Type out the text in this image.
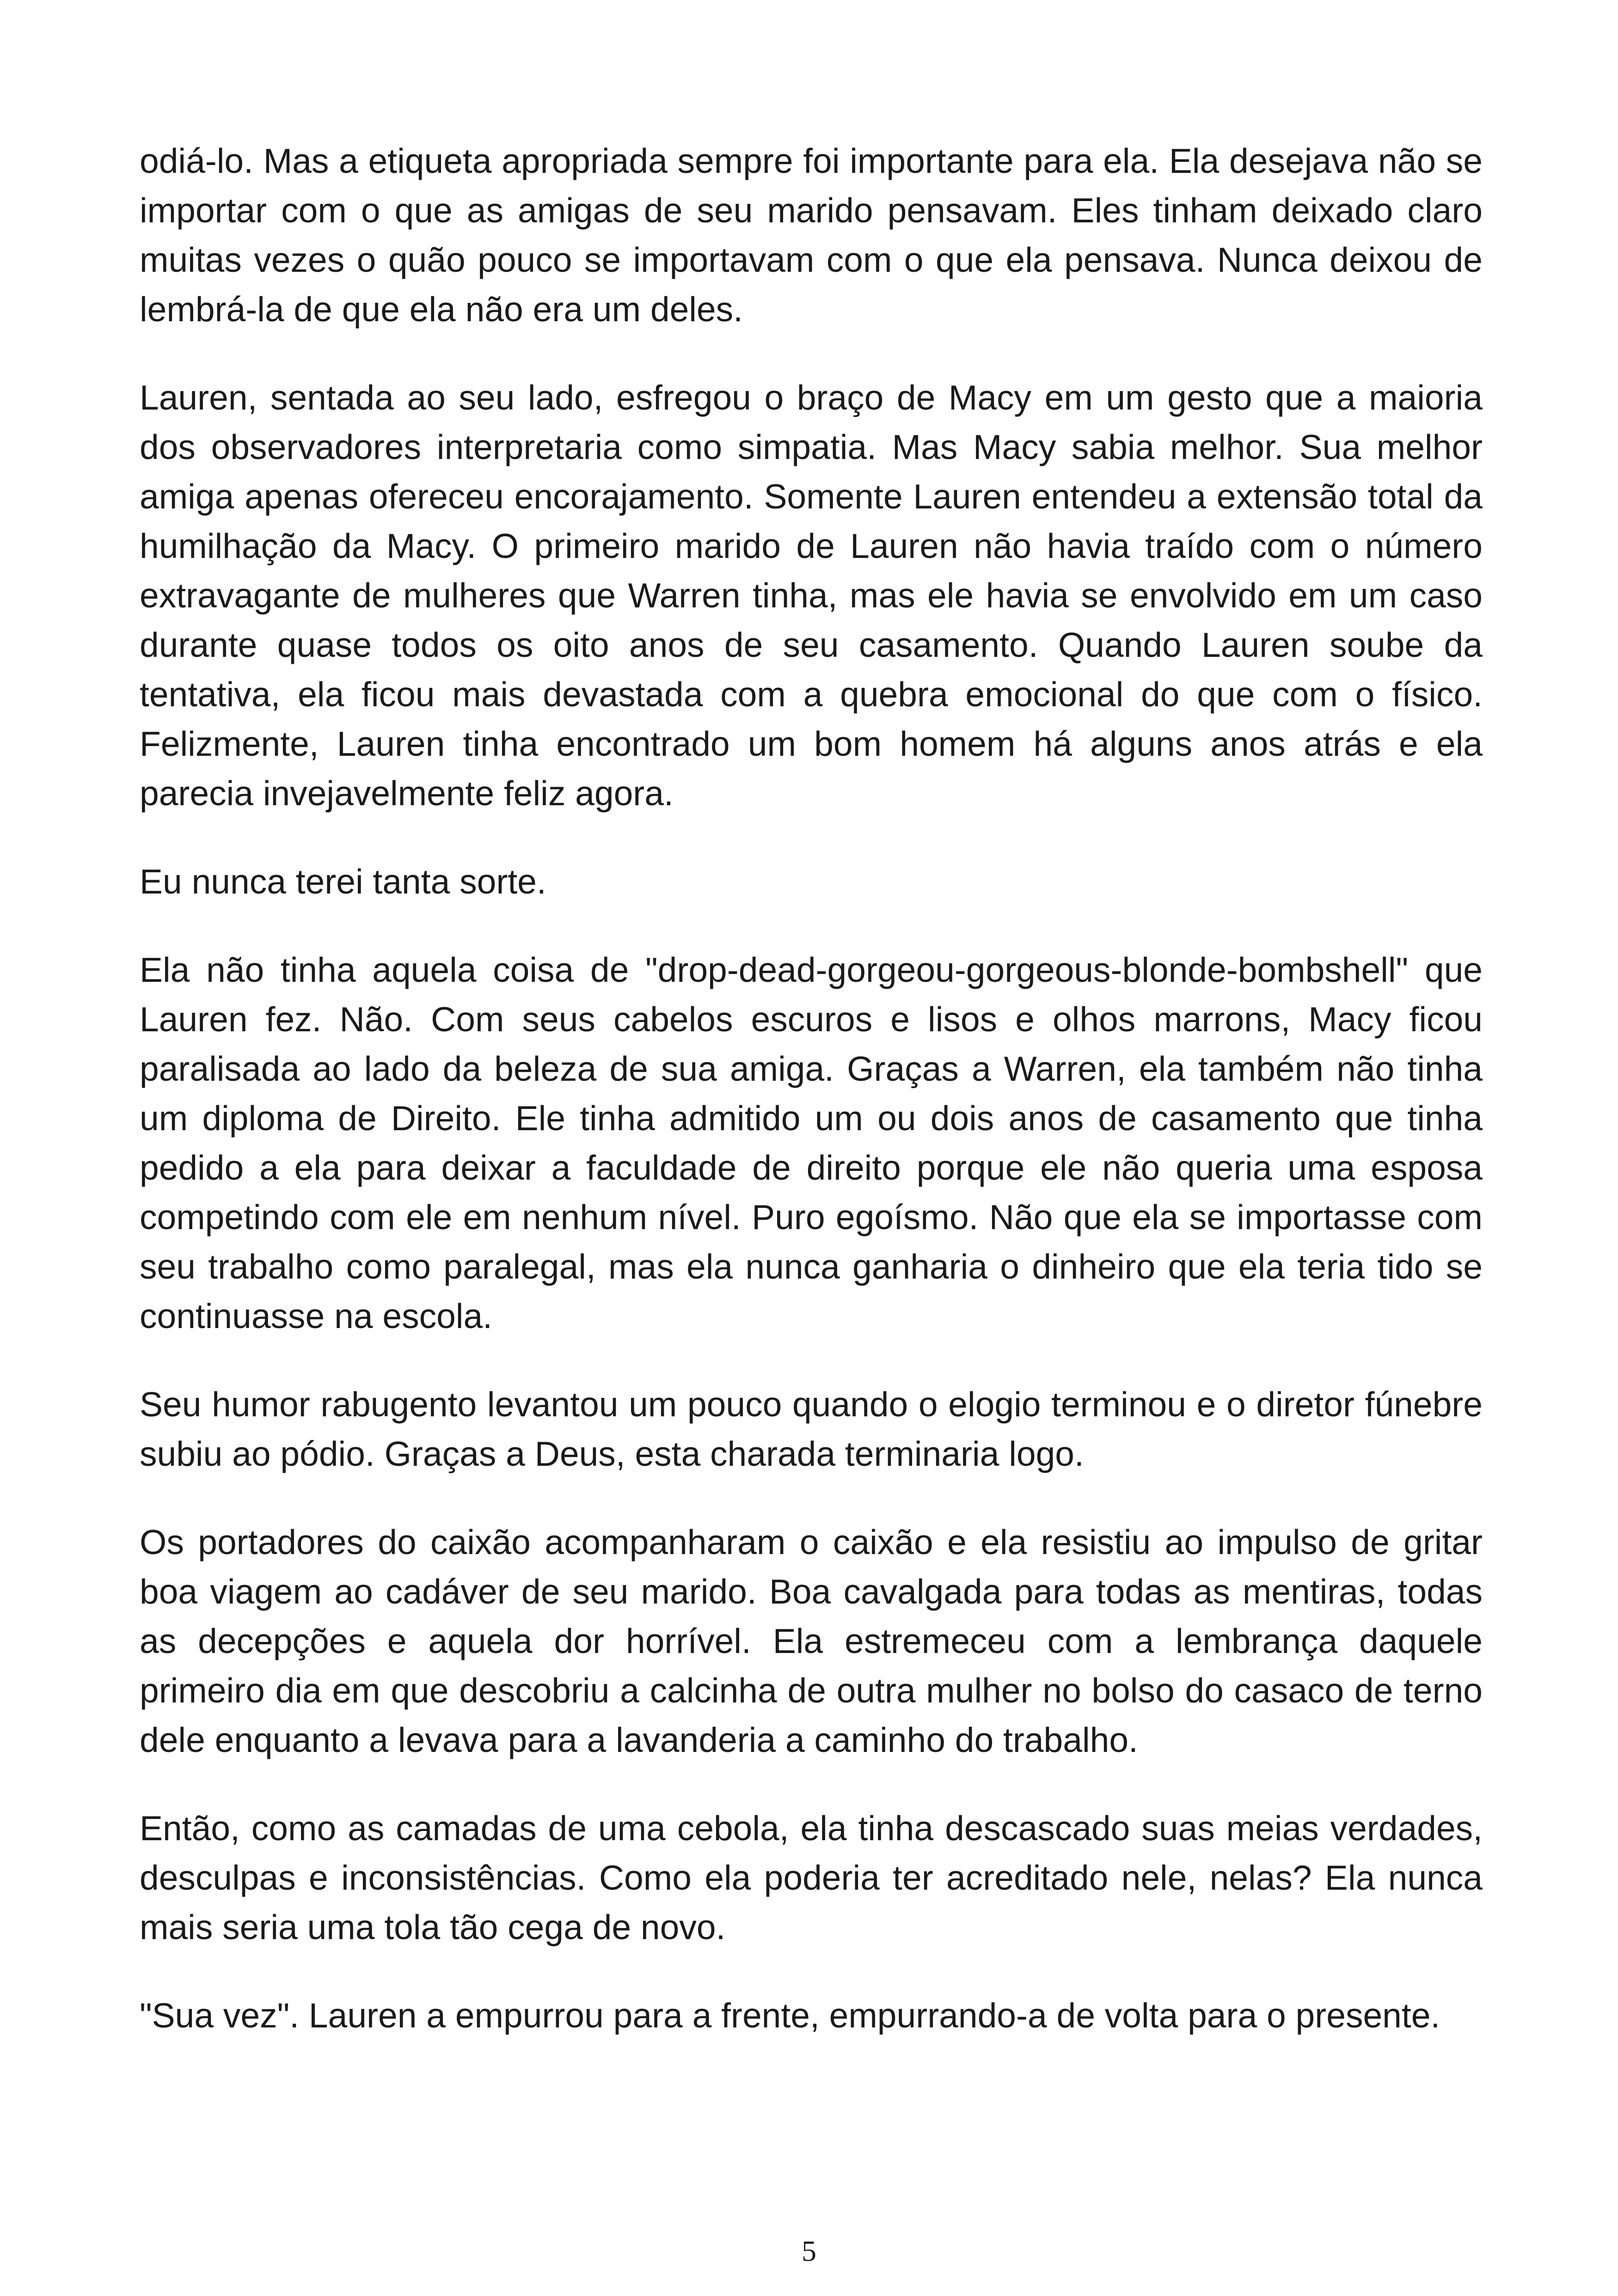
odiá-lo. Mas a etiqueta apropriada sempre foi importante para ela. Ela desejava não se importar com o que as amigas de seu marido pensavam. Eles tinham deixado claro muitas vezes o quão pouco se importavam com o que ela pensava. Nunca deixou de lembrá-la de que ela não era um deles.

Lauren, sentada ao seu lado, esfregou o braço de Macy em um gesto que a maioria dos observadores interpretaria como simpatia. Mas Macy sabia melhor. Sua melhor amiga apenas ofereceu encorajamento. Somente Lauren entendeu a extensão total da humilhação da Macy. O primeiro marido de Lauren não havia traído com o número extravagante de mulheres que Warren tinha, mas ele havia se envolvido em um caso durante quase todos os oito anos de seu casamento. Quando Lauren soube da tentativa, ela ficou mais devastada com a quebra emocional do que com o físico. Felizmente, Lauren tinha encontrado um bom homem há alguns anos atrás e ela parecia invejavelmente feliz agora.

Eu nunca terei tanta sorte.

Ela não tinha aquela coisa de "drop-dead-gorgeou-gorgeous-blonde-bombshell" que Lauren fez. Não. Com seus cabelos escuros e lisos e olhos marrons, Macy ficou paralisada ao lado da beleza de sua amiga. Graças a Warren, ela também não tinha um diploma de Direito. Ele tinha admitido um ou dois anos de casamento que tinha pedido a ela para deixar a faculdade de direito porque ele não queria uma esposa competindo com ele em nenhum nível. Puro egoísmo. Não que ela se importasse com seu trabalho como paralegal, mas ela nunca ganharia o dinheiro que ela teria tido se continuasse na escola.

Seu humor rabugento levantou um pouco quando o elogio terminou e o diretor fúnebre subiu ao pódio. Graças a Deus, esta charada terminaria logo.

Os portadores do caixão acompanharam o caixão e ela resistiu ao impulso de gritar boa viagem ao cadáver de seu marido. Boa cavalgada para todas as mentiras, todas as decepções e aquela dor horrível. Ela estremeceu com a lembrança daquele primeiro dia em que descobriu a calcinha de outra mulher no bolso do casaco de terno dele enquanto a levava para a lavanderia a caminho do trabalho.

Então, como as camadas de uma cebola, ela tinha descascado suas meias verdades, desculpas e inconsistências. Como ela poderia ter acreditado nele, nelas? Ela nunca mais seria uma tola tão cega de novo.

"Sua vez". Lauren a empurrou para a frente, empurrando-a de volta para o presente.

5
